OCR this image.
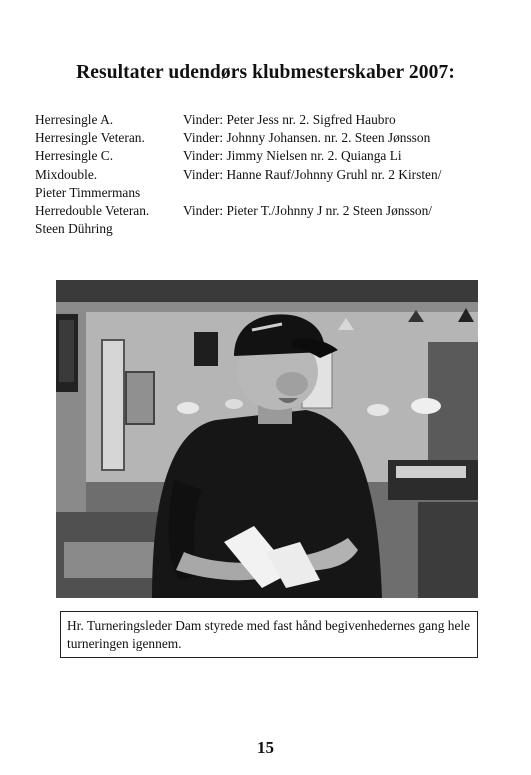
Resultater udendørs klubmesterskaber 2007:
Herresingle A.	Vinder: Peter Jess nr. 2. Sigfred Haubro
Herresingle Veteran.	Vinder: Johnny Johansen. nr. 2. Steen Jønsson
Herresingle C.	Vinder: Jimmy Nielsen nr. 2. Quianga Li
Mixdouble.	Vinder: Hanne Rauf/Johnny Gruhl nr. 2 Kirsten/
Pieter Timmermans
Herredouble Veteran.	Vinder: Pieter T./Johnny J nr. 2 Steen Jønsson/
Steen Dühring
Hr. Turneringsleder Dam styrede med fast hånd begivenhedernes gang hele turneringen igennem.
15
